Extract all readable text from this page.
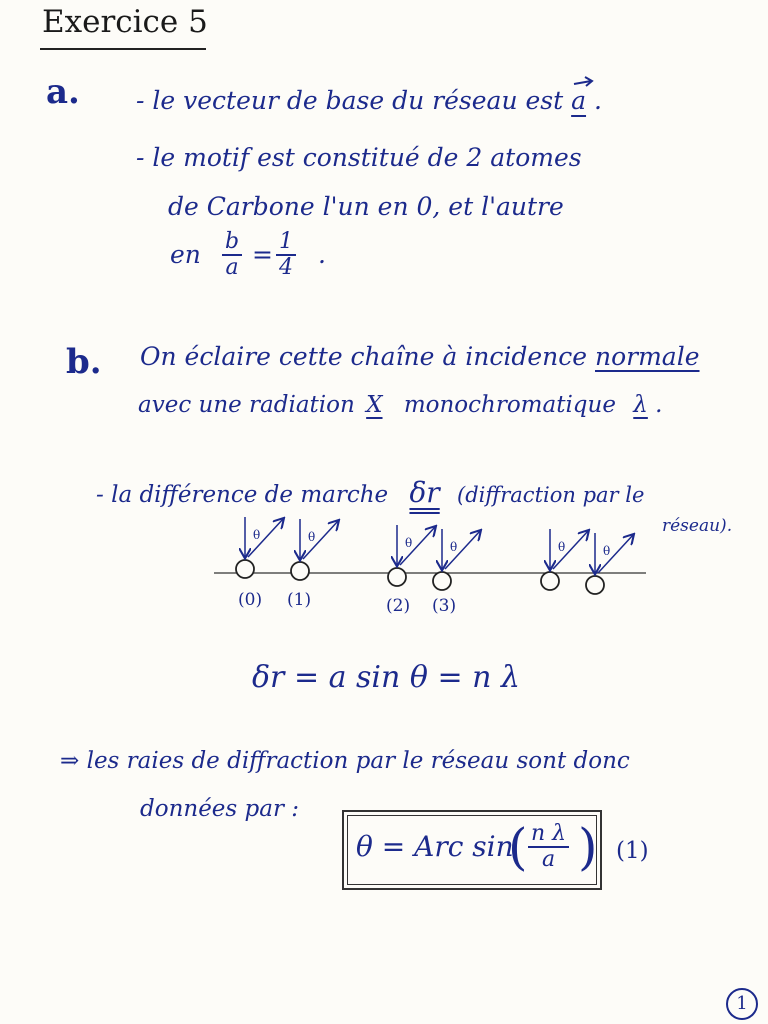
Exercice 5
a. - le vecteur de base du réseau est a .
- le motif est constitué de 2 atomes
de Carbone l'un en 0, et l'autre
en b
a = 1
4 .
b. On éclaire cette chaîne à incidence normale
avec une radiation X monochromatique λ .
- la différence de marche δr (diffraction par le
réseau).
θ	θ	θ	θ	θ	θ
(0) (1)	(2) (3)
δr = a sin θ = n λ
⇒ les raies de diffraction par le réseau sont donc
données par :
θ = Arc sin
( n λ
a ) (1)
1
